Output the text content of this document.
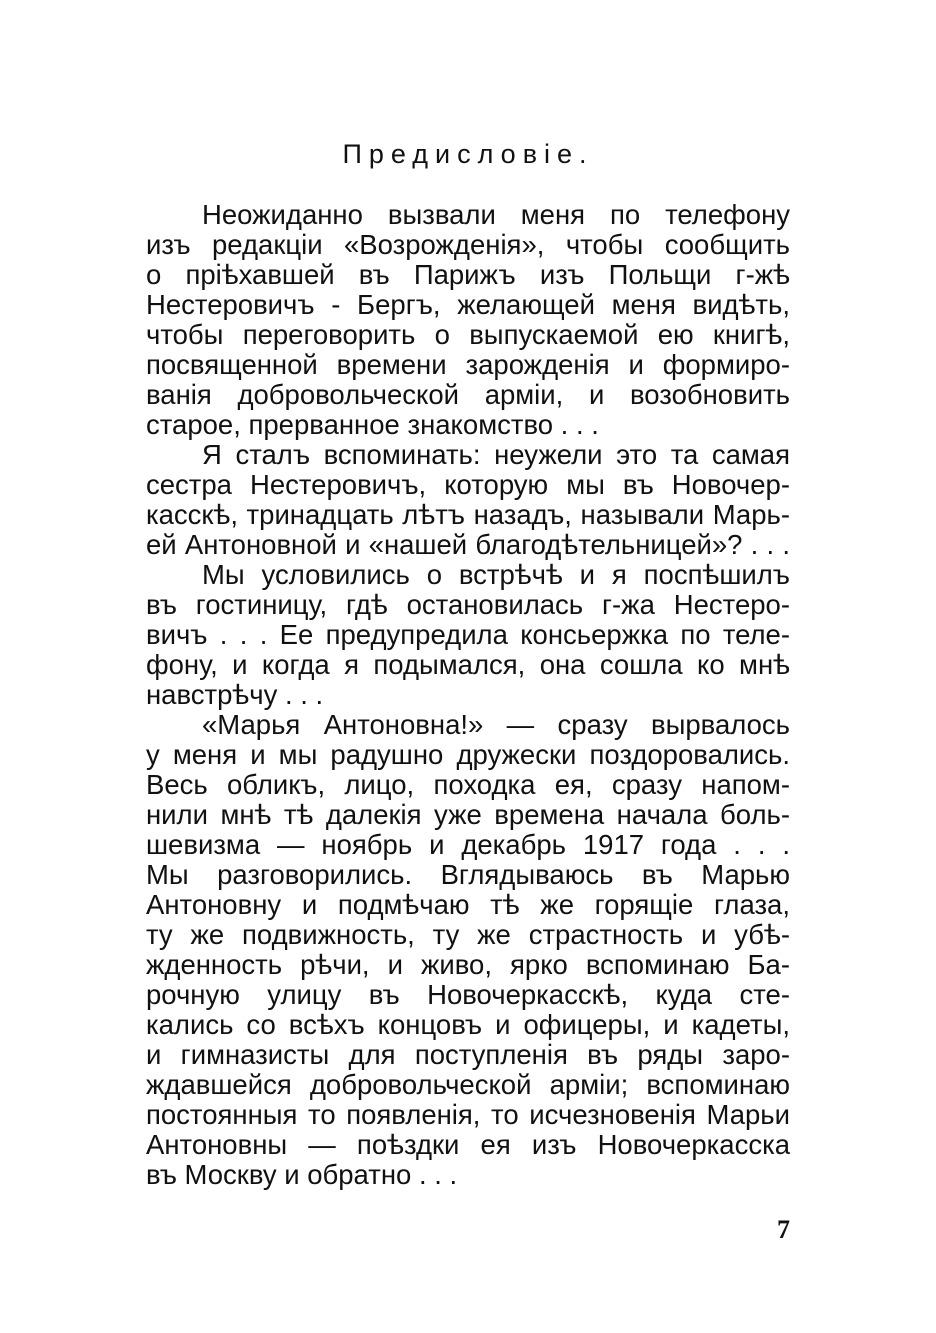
Предисловіе.
Неожиданно вызвали меня по телефону
изъ редакціи «Возрожденія», чтобы сообщить
о пріѣхавшей въ Парижъ изъ Польщи г-жѣ
Нестеровичъ - Бергъ, желающей меня видѣть,
чтобы переговорить о выпускаемой ею книгѣ,
посвященной времени зарожденія и формиро-
ванія добровольческой арміи, и возобновить
старое, прерванное знакомство . . .
Я сталъ вспоминать: неужели это та самая
сестра Нестеровичъ, которую мы въ Новочер-
касскѣ, тринадцать лѣтъ назадъ, называли Марь-
ей Антоновной и «нашей благодѣтельницей»? . . .
Мы условились о встрѣчѣ и я поспѣшилъ
въ гостиницу, гдѣ остановилась г-жа Нестеро-
вичъ . . . Ее предупредила консьержка по теле-
фону, и когда я подымался, она сошла ко мнѣ
навстрѣчу . . .
«Марья Антоновна!» — сразу вырвалось
у меня и мы радушно дружески поздоровались.
Весь обликъ, лицо, походка ея, сразу напом-
нили мнѣ тѣ далекія уже времена начала боль-
шевизма — ноябрь и декабрь 1917 года . . .
Мы разговорились. Вглядываюсь въ Марью
Антоновну и подмѣчаю тѣ же горящіе глаза,
ту же подвижность, ту же страстность и убѣ-
жденность рѣчи, и живо, ярко вспоминаю Ба-
рочную улицу въ Новочеркасскѣ, куда сте-
кались со всѣхъ концовъ и офицеры, и кадеты,
и гимназисты для поступленія въ ряды заро-
ждавшейся добровольческой арміи; вспоминаю
постоянныя то появленія, то исчезновенія Марьи
Антоновны — поѣздки ея изъ Новочеркасска
въ Москву и обратно . . .
7
